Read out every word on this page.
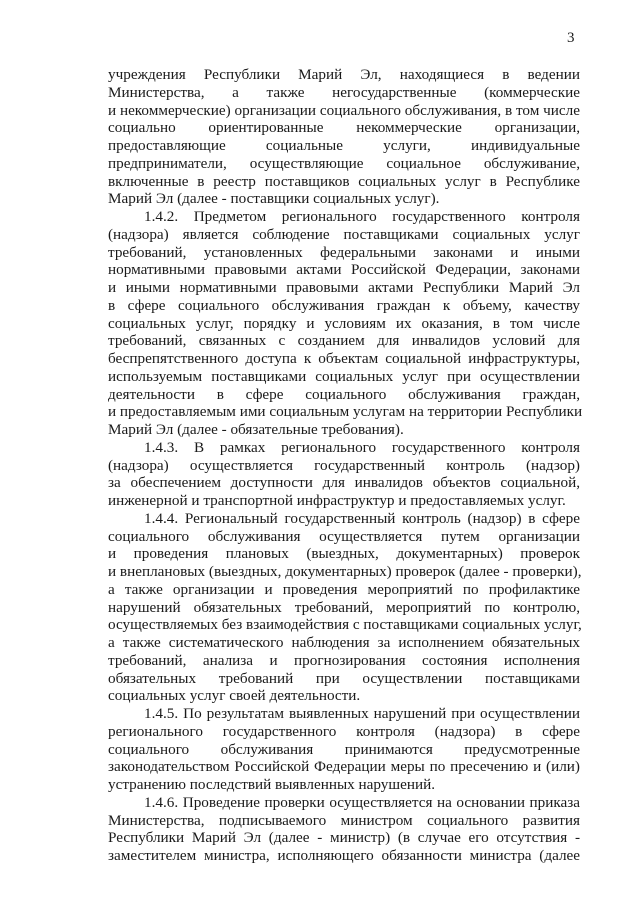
3

учреждения Республики Марий Эл, находящиеся в ведении
Министерства, а также негосударственные (коммерческие
и некоммерческие) организации социального обслуживания, в том числе
социально ориентированные некоммерческие организации,
предоставляющие социальные услуги, индивидуальные
предприниматели, осуществляющие социальное обслуживание,
включенные в реестр поставщиков социальных услуг в Республике
Марий Эл (далее - поставщики социальных услуг).

1.4.2. Предметом регионального государственного контроля
(надзора) является соблюдение поставщиками социальных услуг
требований, установленных федеральными законами и иными
нормативными правовыми актами Российской Федерации, законами
и иными нормативными правовыми актами Республики Марий Эл
в сфере социального обслуживания граждан к объему, качеству
социальных услуг, порядку и условиям их оказания, в том числе
требований, связанных с созданием для инвалидов условий для
беспрепятственного доступа к объектам социальной инфраструктуры,
используемым поставщиками социальных услуг при осуществлении
деятельности в сфере социального обслуживания граждан,
и предоставляемым ими социальным услугам на территории Республики
Марий Эл (далее - обязательные требования).

1.4.3. В рамках регионального государственного контроля
(надзора) осуществляется государственный контроль (надзор)
за обеспечением доступности для инвалидов объектов социальной,
инженерной и транспортной инфраструктур и предоставляемых услуг.

1.4.4. Региональный государственный контроль (надзор) в сфере
социального обслуживания осуществляется путем организации
и проведения плановых (выездных, документарных) проверок
и внеплановых (выездных, документарных) проверок (далее - проверки),
а также организации и проведения мероприятий по профилактике
нарушений обязательных требований, мероприятий по контролю,
осуществляемых без взаимодействия с поставщиками социальных услуг,
а также систематического наблюдения за исполнением обязательных
требований, анализа и прогнозирования состояния исполнения
обязательных требований при осуществлении поставщиками
социальных услуг своей деятельности.

1.4.5. По результатам выявленных нарушений при осуществлении
регионального государственного контроля (надзора) в сфере
социального обслуживания принимаются предусмотренные
законодательством Российской Федерации меры по пресечению и (или)
устранению последствий выявленных нарушений.

1.4.6. Проведение проверки осуществляется на основании приказа
Министерства, подписываемого министром социального развития
Республики Марий Эл (далее - министр) (в случае его отсутствия -
заместителем министра, исполняющего обязанности министра (далее
